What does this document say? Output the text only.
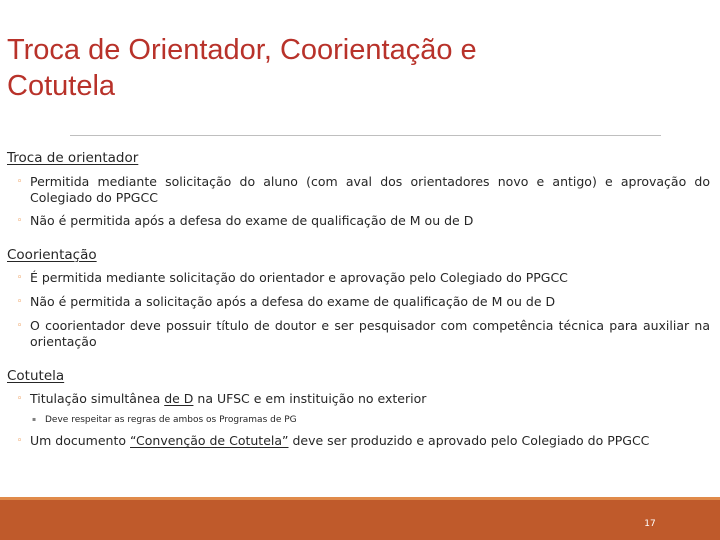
Troca de Orientador, Coorientação e
Cotutela
Troca de orientador
◦ Permitida mediante solicitação do aluno (com aval dos orientadores novo e antigo) e aprovação do Colegiado do PPGCC
◦ Não é permitida após a defesa do exame de qualificação de M ou de D
Coorientação
◦ É permitida mediante solicitação do orientador e aprovação pelo Colegiado do PPGCC
◦ Não é permitida a solicitação após a defesa do exame de qualificação de M ou de D
◦ O coorientador deve possuir título de doutor e ser pesquisador com competência técnica para auxiliar na orientação
Cotutela
◦ Titulação simultânea de D na UFSC e em instituição no exterior
▪ Deve respeitar as regras de ambos os Programas de PG
◦ Um documento “Convenção de Cotutela” deve ser produzido e aprovado pelo Colegiado do PPGCC
17
